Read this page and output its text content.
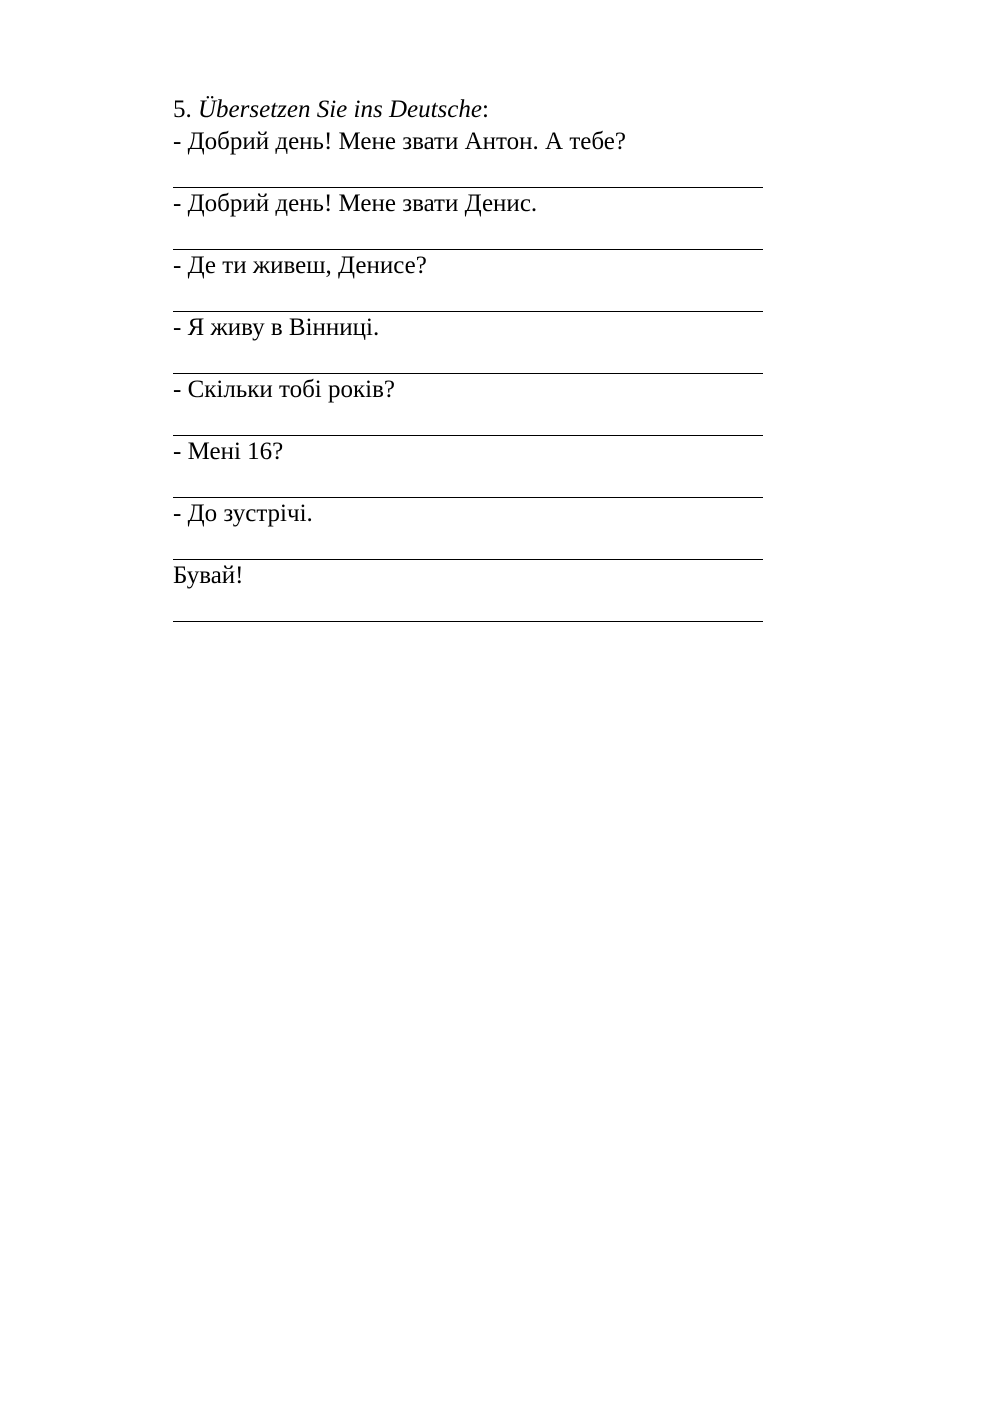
5. Übersetzen Sie ins Deutsche:
- Добрий день! Мене звати Антон. А тебе?
- Добрий день! Мене звати Денис.
- Де ти живеш, Денисе?
- Я живу в Вінниці.
- Скільки тобі років?
- Мені 16?
- До зустрічі.
Бувай!
